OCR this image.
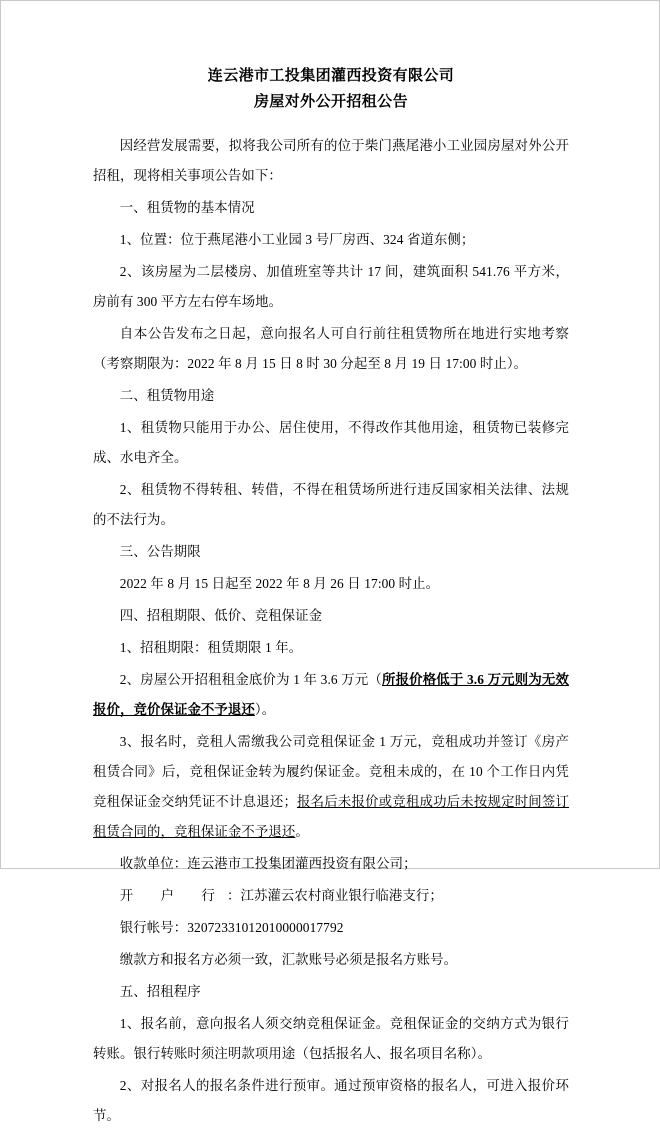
连云港市工投集团灌西投资有限公司
房屋对外公开招租公告

因经营发展需要，拟将我公司所有的位于柴门燕尾港小工业园房屋对外公开招租，现将相关事项公告如下：

一、租赁物的基本情况

1、位置：位于燕尾港小工业园 3 号厂房西、324 省道东侧；

2、该房屋为二层楼房、加值班室等共计 17 间，建筑面积 541.76 平方米，房前有 300 平方左右停车场地。

自本公告发布之日起，意向报名人可自行前往租赁物所在地进行实地考察（考察期限为：2022 年 8 月 15 日 8 时 30 分起至 8 月 19 日 17:00 时止）。

二、租赁物用途

1、租赁物只能用于办公、居住使用，不得改作其他用途，租赁物已装修完成、水电齐全。

2、租赁物不得转租、转借，不得在租赁场所进行违反国家相关法律、法规的不法行为。

三、公告期限

2022 年 8 月 15 日起至 2022 年 8 月 26 日 17:00 时止。

四、招租期限、低价、竞租保证金

1、招租期限：租赁期限 1 年。

2、房屋公开招租租金底价为 1 年 3.6 万元（所报价格低于 3.6 万元则为无效报价，竞价保证金不予退还）。

3、报名时，竞租人需缴我公司竞租保证金 1 万元，竞租成功并签订《房产租赁合同》后，竞租保证金转为履约保证金。竞租未成的，在 10 个工作日内凭竞租保证金交纳凭证不计息退还；报名后未报价或竞租成功后未按规定时间签订租赁合同的，竞租保证金不予退还。

收款单位：连云港市工投集团灌西投资有限公司；

开 户 行：江苏灌云农村商业银行临港支行；

银行帐号：32072331012010000017792

缴款方和报名方必须一致，汇款账号必须是报名方账号。

五、招租程序

1、报名前，意向报名人须交纳竞租保证金。竞租保证金的交纳方式为银行转账。银行转账时须注明款项用途（包括报名人、报名项目名称）。

2、对报名人的报名条件进行预审。通过预审资格的报名人，可进入报价环节。
